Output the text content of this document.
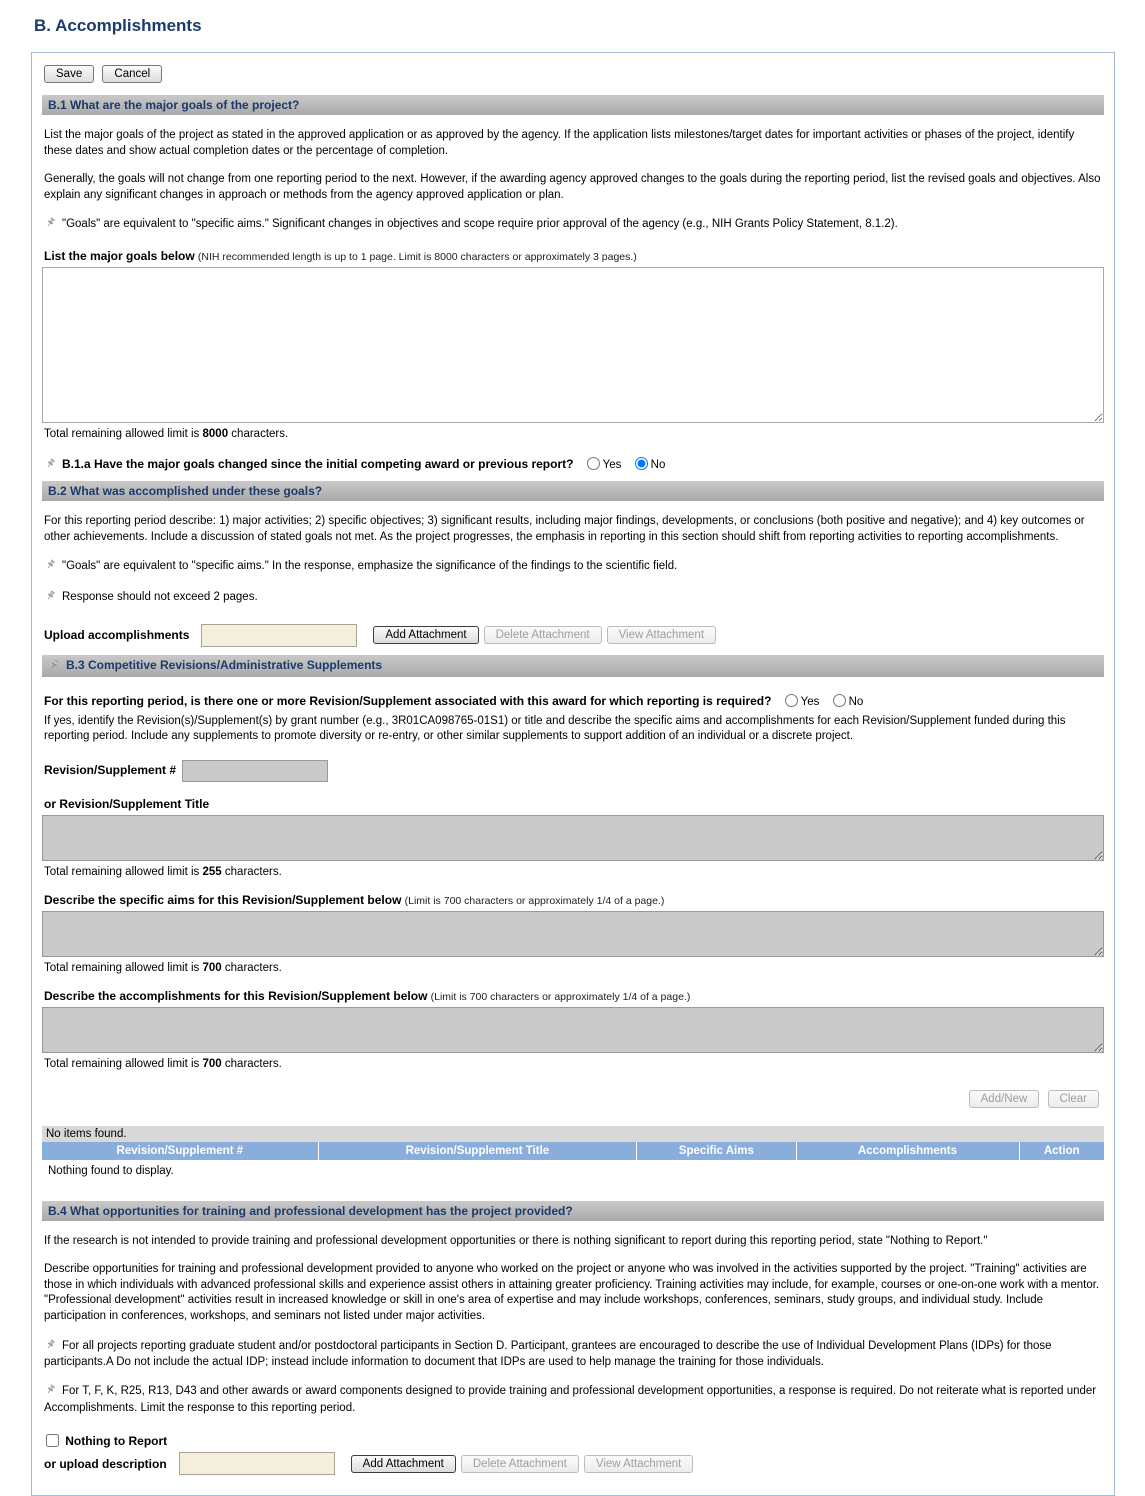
B. Accomplishments
Save	Cancel
B.1 What are the major goals of the project?
List the major goals of the project as stated in the approved application or as approved by the agency. If the application lists milestones/target dates for important activities or phases of the project, identify these dates and show actual completion dates or the percentage of completion.
Generally, the goals will not change from one reporting period to the next. However, if the awarding agency approved changes to the goals during the reporting period, list the revised goals and objectives. Also explain any significant changes in approach or methods from the agency approved application or plan.
"Goals" are equivalent to "specific aims." Significant changes in objectives and scope require prior approval of the agency (e.g., NIH Grants Policy Statement, 8.1.2).
List the major goals below (NIH recommended length is up to 1 page. Limit is 8000 characters or approximately 3 pages.)
Total remaining allowed limit is 8000 characters.
B.1.a Have the major goals changed since the initial competing award or previous report?	Yes	No
B.2 What was accomplished under these goals?
For this reporting period describe: 1) major activities; 2) specific objectives; 3) significant results, including major findings, developments, or conclusions (both positive and negative); and 4) key outcomes or other achievements. Include a discussion of stated goals not met. As the project progresses, the emphasis in reporting in this section should shift from reporting activities to reporting accomplishments.
"Goals" are equivalent to "specific aims." In the response, emphasize the significance of the findings to the scientific field.
Response should not exceed 2 pages.
Upload accomplishments	Add Attachment	Delete Attachment	View Attachment
B.3 Competitive Revisions/Administrative Supplements
For this reporting period, is there one or more Revision/Supplement associated with this award for which reporting is required?	Yes	No
If yes, identify the Revision(s)/Supplement(s) by grant number (e.g., 3R01CA098765-01S1) or title and describe the specific aims and accomplishments for each Revision/Supplement funded during this reporting period. Include any supplements to promote diversity or re-entry, or other similar supplements to support addition of an individual or a discrete project.
Revision/Supplement #
or Revision/Supplement Title
Total remaining allowed limit is 255 characters.
Describe the specific aims for this Revision/Supplement below (Limit is 700 characters or approximately 1/4 of a page.)
Total remaining allowed limit is 700 characters.
Describe the accomplishments for this Revision/Supplement below (Limit is 700 characters or approximately 1/4 of a page.)
Total remaining allowed limit is 700 characters.
Add/New	Clear
No items found.
Revision/Supplement #	Revision/Supplement Title	Specific Aims	Accomplishments	Action
Nothing found to display.
B.4 What opportunities for training and professional development has the project provided?
If the research is not intended to provide training and professional development opportunities or there is nothing significant to report during this reporting period, state "Nothing to Report."
Describe opportunities for training and professional development provided to anyone who worked on the project or anyone who was involved in the activities supported by the project. "Training" activities are those in which individuals with advanced professional skills and experience assist others in attaining greater proficiency. Training activities may include, for example, courses or one-on-one work with a mentor. "Professional development" activities result in increased knowledge or skill in one's area of expertise and may include workshops, conferences, seminars, study groups, and individual study. Include participation in conferences, workshops, and seminars not listed under major activities.
For all projects reporting graduate student and/or postdoctoral participants in Section D. Participant, grantees are encouraged to describe the use of Individual Development Plans (IDPs) for those participants.A Do not include the actual IDP; instead include information to document that IDPs are used to help manage the training for those individuals.
For T, F, K, R25, R13, D43 and other awards or award components designed to provide training and professional development opportunities, a response is required. Do not reiterate what is reported under Accomplishments. Limit the response to this reporting period.
Nothing to Report
or upload description	Add Attachment	Delete Attachment	View Attachment
